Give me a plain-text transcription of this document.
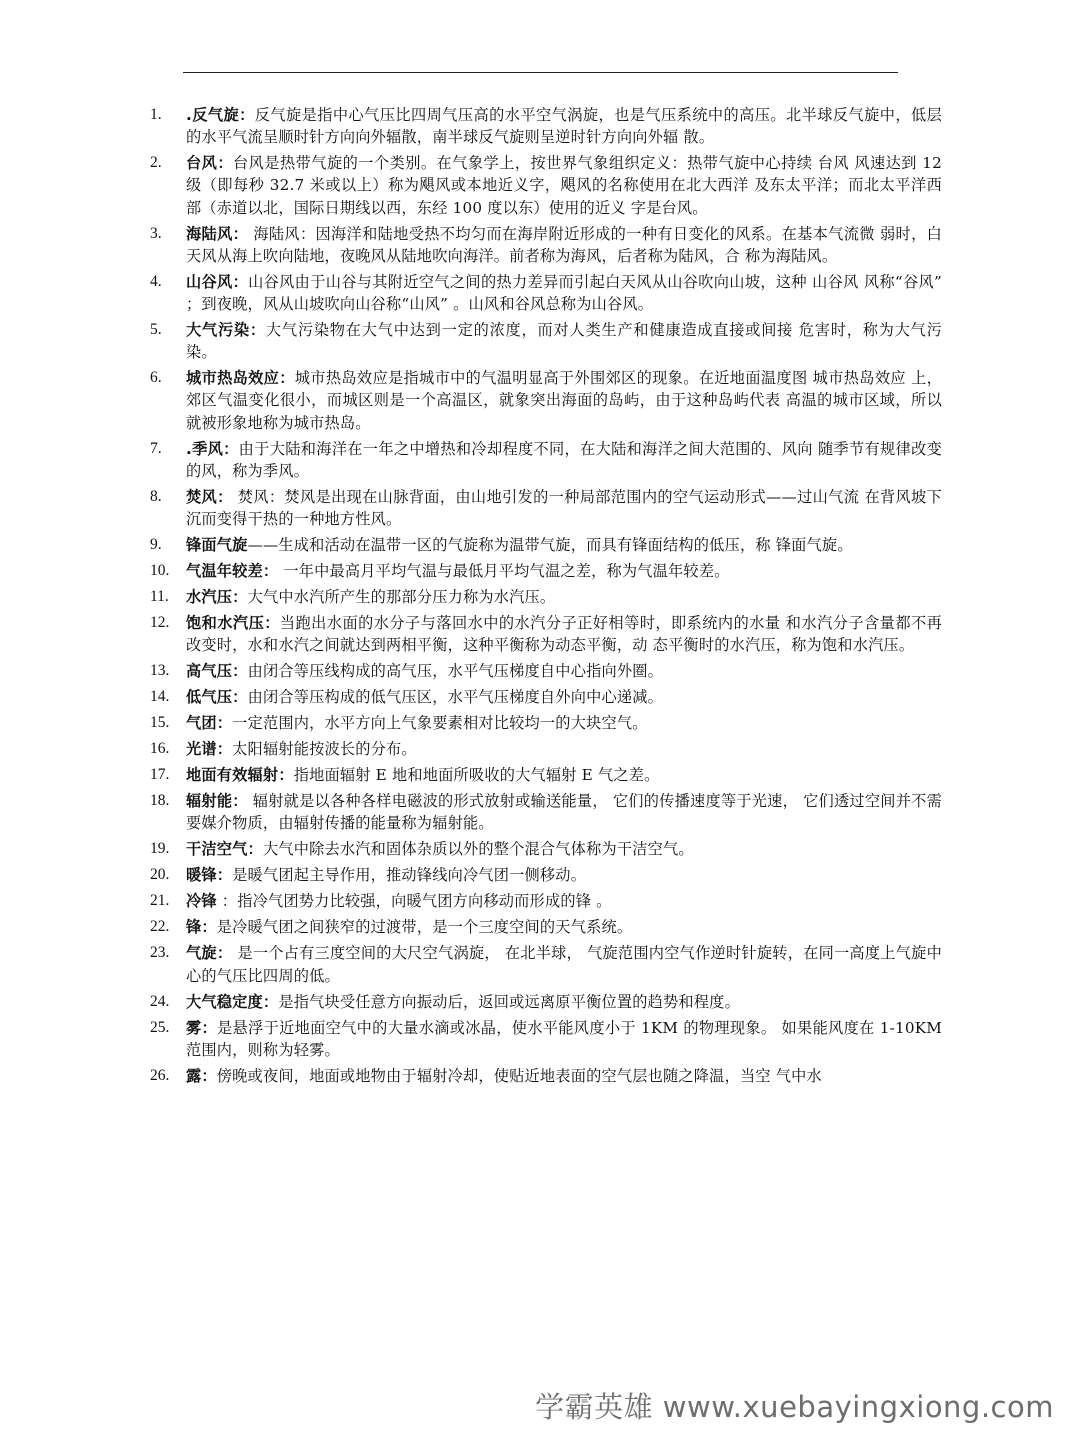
1.	.反气旋：反气旋是指中心气压比四周气压高的水平空气涡旋，也是气压系统中的高压。北半球反气旋中，低层的水平气流呈顺时针方向向外辐散，南半球反气旋则呈逆时针方向向外辐 散。
2.	台风：台风是热带气旋的一个类别。在气象学上，按世界气象组织定义：热带气旋中心持续 台风 风速达到 12 级（即每秒 32.7 米或以上）称为飓风或本地近义字，飓风的名称使用在北大西洋 及东太平洋；而北太平洋西部（赤道以北，国际日期线以西，东经 100 度以东）使用的近义 字是台风。
3.	海陆风： 海陆风：因海洋和陆地受热不均匀而在海岸附近形成的一种有日变化的风系。在基本气流微 弱时，白天风从海上吹向陆地，夜晚风从陆地吹向海洋。前者称为海风，后者称为陆风，合 称为海陆风。
4.	山谷风：山谷风由于山谷与其附近空气之间的热力差异而引起白天风从山谷吹向山坡，这种 山谷风 风称“谷风” ；到夜晚，风从山坡吹向山谷称“山风” 。山风和谷风总称为山谷风。
5.	大气污染：大气污染物在大气中达到一定的浓度，而对人类生产和健康造成直接或间接 危害时，称为大气污染。
6.	城市热岛效应：城市热岛效应是指城市中的气温明显高于外围郊区的现象。在近地面温度图 城市热岛效应 上，郊区气温变化很小，而城区则是一个高温区，就象突出海面的岛屿，由于这种岛屿代表 高温的城市区域，所以就被形象地称为城市热岛。
7.	.季风：由于大陆和海洋在一年之中增热和冷却程度不同，在大陆和海洋之间大范围的、风向 随季节有规律改变的风，称为季风。
8.	焚风： 焚风：焚风是出现在山脉背面，由山地引发的一种局部范围内的空气运动形式——过山气流 在背风坡下沉而变得干热的一种地方性风。
9.	锋面气旋——生成和活动在温带一区的气旋称为温带气旋，而具有锋面结构的低压，称 锋面气旋。
10.	气温年较差： 一年中最高月平均气温与最低月平均气温之差，称为气温年较差。
11.	水汽压：大气中水汽所产生的那部分压力称为水汽压。
12.	饱和水汽压：当跑出水面的水分子与落回水中的水汽分子正好相等时，即系统内的水量 和水汽分子含量都不再改变时，水和水汽之间就达到两相平衡，这种平衡称为动态平衡，动 态平衡时的水汽压，称为饱和水汽压。
13.	高气压：由闭合等压线构成的高气压，水平气压梯度自中心指向外圈。
14.	低气压：由闭合等压构成的低气压区，水平气压梯度自外向中心递减。
15.	气团：一定范围内，水平方向上气象要素相对比较均一的大块空气。
16.	光谱：太阳辐射能按波长的分布。
17.	地面有效辐射：指地面辐射 E 地和地面所吸收的大气辐射 E 气之差。
18.	辐射能： 辐射就是以各种各样电磁波的形式放射或输送能量， 它们的传播速度等于光速， 它们透过空间并不需要媒介物质，由辐射传播的能量称为辐射能。
19.	干洁空气：大气中除去水汽和固体杂质以外的整个混合气体称为干洁空气。
20.	暖锋：是暖气团起主导作用，推动锋线向冷气团一侧移动。
21.	冷锋 ：指冷气团势力比较强，向暖气团方向移动而形成的锋 。
22.	锋：是冷暖气团之间狭窄的过渡带，是一个三度空间的天气系统。
23.	气旋： 是一个占有三度空间的大尺空气涡旋， 在北半球， 气旋范围内空气作逆时针旋转，在同一高度上气旋中心的气压比四周的低。
24.	大气稳定度：是指气块受任意方向振动后，返回或远离原平衡位置的趋势和程度。
25.	雾：是悬浮于近地面空气中的大量水滴或冰晶，使水平能风度小于 1KM 的物理现象。 如果能风度在 1-10KM 范围内，则称为轻雾。
26.	露：傍晚或夜间，地面或地物由于辐射冷却，使贴近地表面的空气层也随之降温，当空 气中水
学霸英雄 www.xuebayingxiong.com
